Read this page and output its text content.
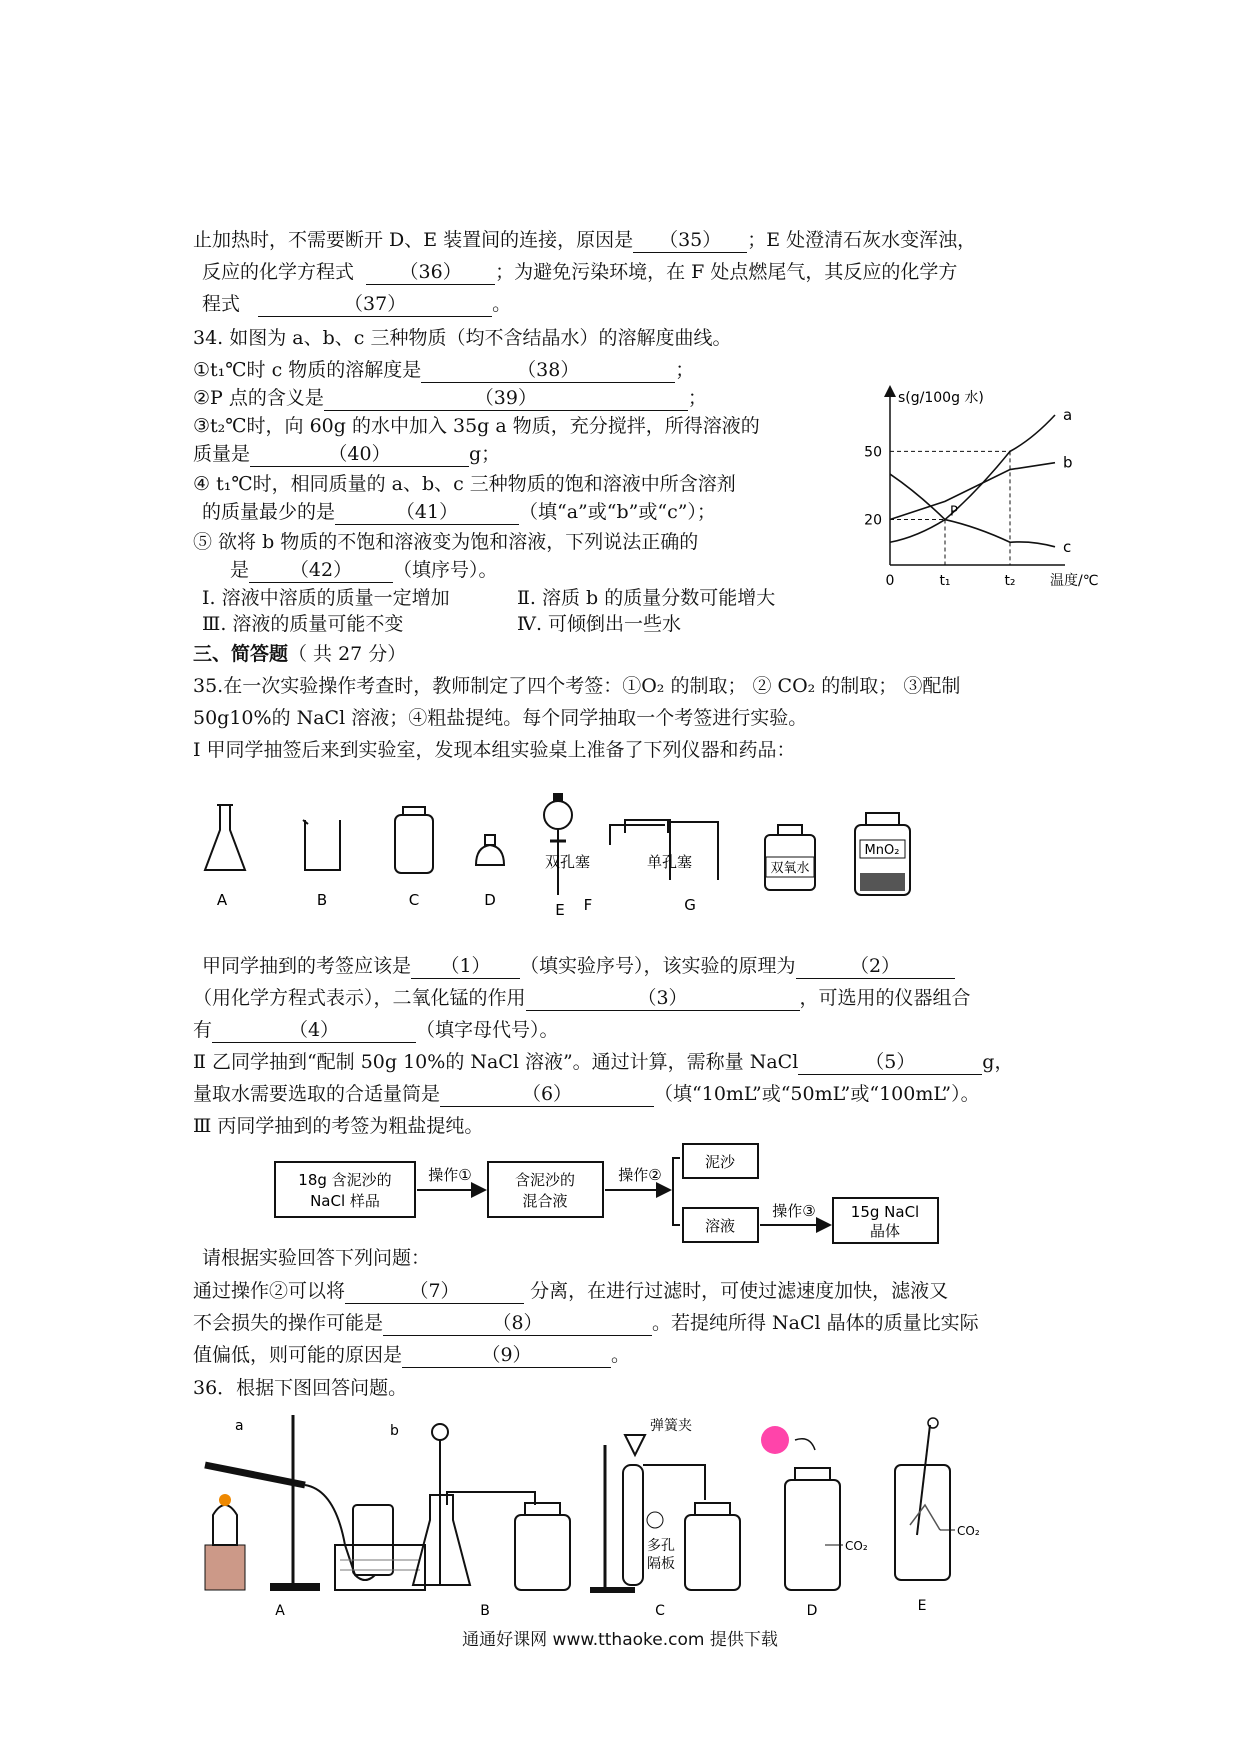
止加热时，不需要断开 D、E 装置间的连接，原因是 （35） ；E 处澄清石灰水变浑浊，
反应的化学方程式 （36） ；为避免污染环境，在 F 处点燃尾气，其反应的化学方
程式	（37）	。
34. 如图为 a、b、c 三种物质（均不含结晶水）的溶解度曲线。
①t₁℃时 c 物质的溶解度是	（38）	；
②P 点的含义是	（39）	；
③t₂℃时，向 60g 的水中加入 35g a 物质，充分搅拌，所得溶液的
质量是	（40）	g；
④ t₁℃时，相同质量的 a、b、c 三种物质的饱和溶液中所含溶剂
的质量最少的是	（41）	（填“a”或“b”或“c”）；
⑤ 欲将 b 物质的不饱和溶液变为饱和溶液，下列说法正确的
是 （42） （填序号）。
Ⅰ. 溶液中溶质的质量一定增加	Ⅱ. 溶质 b 的质量分数可能增大
Ⅲ. 溶液的质量可能不变	Ⅳ. 可倾倒出一些水
s(g/100g 水)
温度/℃
20
50
0	t₁	t₂
a
b
c
P
三、简答题（ 共 27 分）
35.在一次实验操作考查时，教师制定了四个考签：①O₂ 的制取； ② CO₂ 的制取； ③配制
50g10%的 NaCl 溶液；④粗盐提纯。每个同学抽取一个考签进行实验。
Ⅰ 甲同学抽签后来到实验室，发现本组实验桌上准备了下列仪器和药品：
A	B	C	D
E
双孔塞
F
单孔塞
G
双氧水
MnO₂
甲同学抽到的考签应该是 （1） （填实验序号），该实验的原理为	（2）
（用化学方程式表示），二氧化锰的作用	（3）	，可选用的仪器组合
有	（4）	（填字母代号）。
Ⅱ 乙同学抽到“配制 50g 10%的 NaCl 溶液”。通过计算，需称量 NaCl	（5）	g，
量取水需要选取的合适量筒是	（6）	（填“10mL”或“50mL”或“100mL”）。
Ⅲ 丙同学抽到的考签为粗盐提纯。
18g 含泥沙的
NaCl 样品
操作①	含泥沙的
混合液
操作②
泥沙
溶液
操作③ 15g NaCl
晶体
请根据实验回答下列问题：
通过操作②可以将	（7）	分离，在进行过滤时，可使过滤速度加快，滤液又
不会损失的操作可能是	（8）	。若提纯所得 NaCl 晶体的质量比实际
值偏低，则可能的原因是	（9）	。
36．根据下图回答问题。
a
A
b
B
弹簧夹
多孔
隔板
C
CO₂
D
CO₂
E
通通好课网 www.tthaoke.com 提供下载
